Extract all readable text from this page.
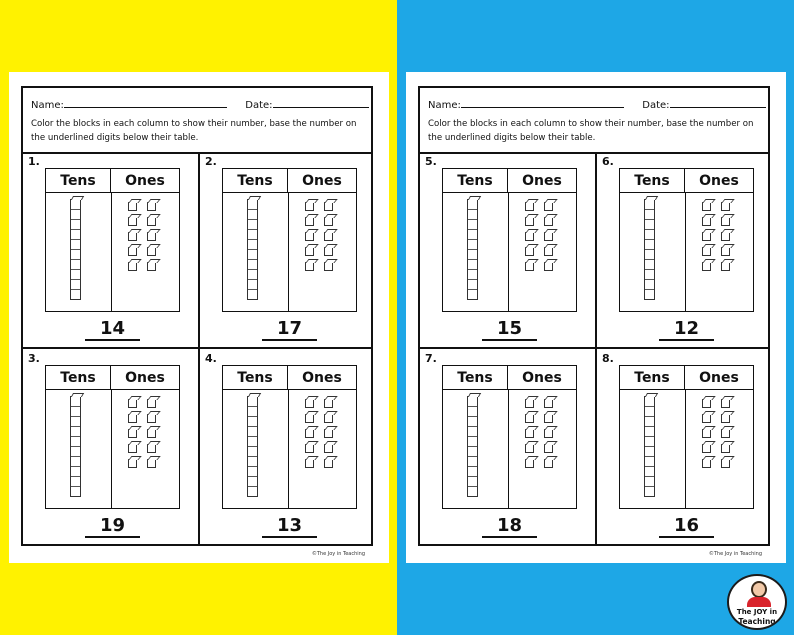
Name:	Date:
Color the blocks in each column to show their number, base the number on the underlined digits below their table.
1.
Tens	Ones
14
2.
Tens	Ones
17
3.
Tens	Ones
19
4.
Tens	Ones
13
©The Joy in Teaching
Name:	Date:
Color the blocks in each column to show their number, base the number on the underlined digits below their table.
5.
Tens	Ones
15
6.
Tens	Ones
12
7.
Tens	Ones
18
8.
Tens	Ones
16
©The Joy in Teaching
The JOY in
Teaching
